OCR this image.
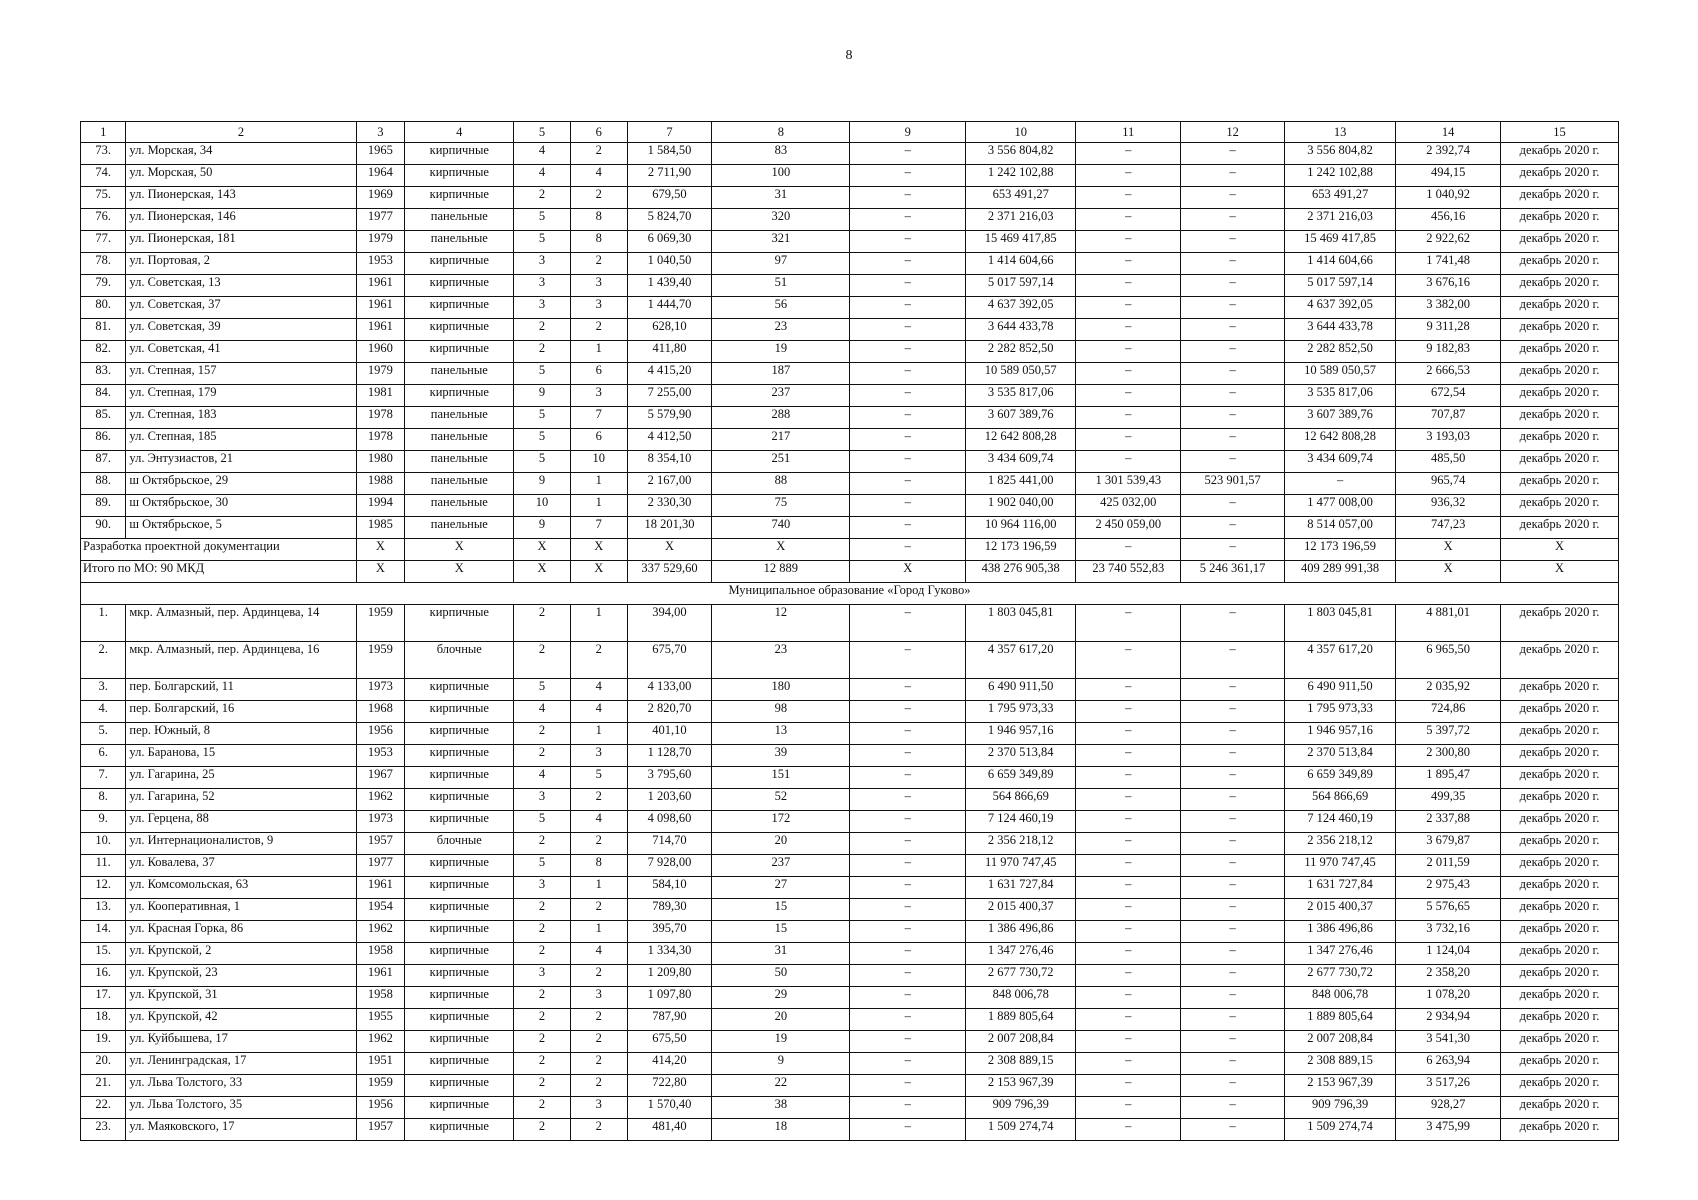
8
1	2	3	4	5	6	7	8	9	10	11	12	13	14	15
73.	ул. Морская, 34	1965	кирпичные	4	2	1 584,50	83	–	3 556 804,82	–	–	3 556 804,82	2 392,74	декабрь 2020 г.
74.	ул. Морская, 50	1964	кирпичные	4	4	2 711,90	100	–	1 242 102,88	–	–	1 242 102,88	494,15	декабрь 2020 г.
75.	ул. Пионерская, 143	1969	кирпичные	2	2	679,50	31	–	653 491,27	–	–	653 491,27	1 040,92	декабрь 2020 г.
76.	ул. Пионерская, 146	1977	панельные	5	8	5 824,70	320	–	2 371 216,03	–	–	2 371 216,03	456,16	декабрь 2020 г.
77.	ул. Пионерская, 181	1979	панельные	5	8	6 069,30	321	–	15 469 417,85	–	–	15 469 417,85	2 922,62	декабрь 2020 г.
78.	ул. Портовая, 2	1953	кирпичные	3	2	1 040,50	97	–	1 414 604,66	–	–	1 414 604,66	1 741,48	декабрь 2020 г.
79.	ул. Советская, 13	1961	кирпичные	3	3	1 439,40	51	–	5 017 597,14	–	–	5 017 597,14	3 676,16	декабрь 2020 г.
80.	ул. Советская, 37	1961	кирпичные	3	3	1 444,70	56	–	4 637 392,05	–	–	4 637 392,05	3 382,00	декабрь 2020 г.
81.	ул. Советская, 39	1961	кирпичные	2	2	628,10	23	–	3 644 433,78	–	–	3 644 433,78	9 311,28	декабрь 2020 г.
82.	ул. Советская, 41	1960	кирпичные	2	1	411,80	19	–	2 282 852,50	–	–	2 282 852,50	9 182,83	декабрь 2020 г.
83.	ул. Степная, 157	1979	панельные	5	6	4 415,20	187	–	10 589 050,57	–	–	10 589 050,57	2 666,53	декабрь 2020 г.
84.	ул. Степная, 179	1981	кирпичные	9	3	7 255,00	237	–	3 535 817,06	–	–	3 535 817,06	672,54	декабрь 2020 г.
85.	ул. Степная, 183	1978	панельные	5	7	5 579,90	288	–	3 607 389,76	–	–	3 607 389,76	707,87	декабрь 2020 г.
86.	ул. Степная, 185	1978	панельные	5	6	4 412,50	217	–	12 642 808,28	–	–	12 642 808,28	3 193,03	декабрь 2020 г.
87.	ул. Энтузиастов, 21	1980	панельные	5	10	8 354,10	251	–	3 434 609,74	–	–	3 434 609,74	485,50	декабрь 2020 г.
88.	ш Октябрьское, 29	1988	панельные	9	1	2 167,00	88	–	1 825 441,00	1 301 539,43	523 901,57	–	965,74	декабрь 2020 г.
89.	ш Октябрьское, 30	1994	панельные	10	1	2 330,30	75	–	1 902 040,00	425 032,00	–	1 477 008,00	936,32	декабрь 2020 г.
90.	ш Октябрьское, 5	1985	панельные	9	7	18 201,30	740	–	10 964 116,00	2 450 059,00	–	8 514 057,00	747,23	декабрь 2020 г.
Разработка проектной документации		X	X	X	X	X	X	–	12 173 196,59	–	–	12 173 196,59	X	X
Итого по МО: 90 МКД		X	X	X	X	337 529,60	12 889	X	438 276 905,38	23 740 552,83	5 246 361,17	409 289 991,38	X	X
Муниципальное образование «Город Гуково»														
1.	мкр. Алмазный, пер. Ардинцева, 14	1959	кирпичные	2	1	394,00	12	–	1 803 045,81	–	–	1 803 045,81	4 881,01	декабрь 2020 г.
2.	мкр. Алмазный, пер. Ардинцева, 16	1959	блочные	2	2	675,70	23	–	4 357 617,20	–	–	4 357 617,20	6 965,50	декабрь 2020 г.
3.	пер. Болгарский, 11	1973	кирпичные	5	4	4 133,00	180	–	6 490 911,50	–	–	6 490 911,50	2 035,92	декабрь 2020 г.
4.	пер. Болгарский, 16	1968	кирпичные	4	4	2 820,70	98	–	1 795 973,33	–	–	1 795 973,33	724,86	декабрь 2020 г.
5.	пер. Южный, 8	1956	кирпичные	2	1	401,10	13	–	1 946 957,16	–	–	1 946 957,16	5 397,72	декабрь 2020 г.
6.	ул. Баранова, 15	1953	кирпичные	2	3	1 128,70	39	–	2 370 513,84	–	–	2 370 513,84	2 300,80	декабрь 2020 г.
7.	ул. Гагарина, 25	1967	кирпичные	4	5	3 795,60	151	–	6 659 349,89	–	–	6 659 349,89	1 895,47	декабрь 2020 г.
8.	ул. Гагарина, 52	1962	кирпичные	3	2	1 203,60	52	–	564 866,69	–	–	564 866,69	499,35	декабрь 2020 г.
9.	ул. Герцена, 88	1973	кирпичные	5	4	4 098,60	172	–	7 124 460,19	–	–	7 124 460,19	2 337,88	декабрь 2020 г.
10.	ул. Интернационалистов, 9	1957	блочные	2	2	714,70	20	–	2 356 218,12	–	–	2 356 218,12	3 679,87	декабрь 2020 г.
11.	ул. Ковалева, 37	1977	кирпичные	5	8	7 928,00	237	–	11 970 747,45	–	–	11 970 747,45	2 011,59	декабрь 2020 г.
12.	ул. Комсомольская, 63	1961	кирпичные	3	1	584,10	27	–	1 631 727,84	–	–	1 631 727,84	2 975,43	декабрь 2020 г.
13.	ул. Кооперативная, 1	1954	кирпичные	2	2	789,30	15	–	2 015 400,37	–	–	2 015 400,37	5 576,65	декабрь 2020 г.
14.	ул. Красная Горка, 86	1962	кирпичные	2	1	395,70	15	–	1 386 496,86	–	–	1 386 496,86	3 732,16	декабрь 2020 г.
15.	ул. Крупской, 2	1958	кирпичные	2	4	1 334,30	31	–	1 347 276,46	–	–	1 347 276,46	1 124,04	декабрь 2020 г.
16.	ул. Крупской, 23	1961	кирпичные	3	2	1 209,80	50	–	2 677 730,72	–	–	2 677 730,72	2 358,20	декабрь 2020 г.
17.	ул. Крупской, 31	1958	кирпичные	2	3	1 097,80	29	–	848 006,78	–	–	848 006,78	1 078,20	декабрь 2020 г.
18.	ул. Крупской, 42	1955	кирпичные	2	2	787,90	20	–	1 889 805,64	–	–	1 889 805,64	2 934,94	декабрь 2020 г.
19.	ул. Куйбышева, 17	1962	кирпичные	2	2	675,50	19	–	2 007 208,84	–	–	2 007 208,84	3 541,30	декабрь 2020 г.
20.	ул. Ленинградская, 17	1951	кирпичные	2	2	414,20	9	–	2 308 889,15	–	–	2 308 889,15	6 263,94	декабрь 2020 г.
21.	ул. Льва Толстого, 33	1959	кирпичные	2	2	722,80	22	–	2 153 967,39	–	–	2 153 967,39	3 517,26	декабрь 2020 г.
22.	ул. Льва Толстого, 35	1956	кирпичные	2	3	1 570,40	38	–	909 796,39	–	–	909 796,39	928,27	декабрь 2020 г.
23.	ул. Маяковского, 17	1957	кирпичные	2	2	481,40	18	–	1 509 274,74	–	–	1 509 274,74	3 475,99	декабрь 2020 г.
